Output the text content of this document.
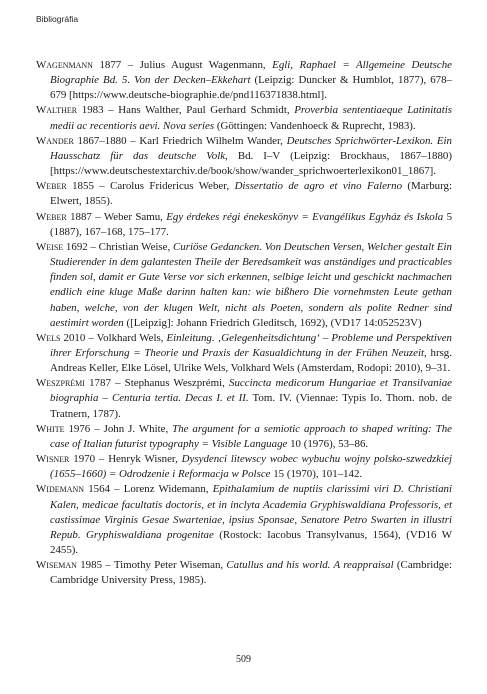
Bibliográfia

Wagenmann 1877 – Julius August Wagenmann, Egli, Raphael = Allgemeine Deutsche Biographie Bd. 5. Von der Decken–Ekkehart (Leipzig: Duncker & Humblot, 1877), 678–679 [https://www.deutsche-biographie.de/pnd116371838.html].

Walther 1983 – Hans Walther, Paul Gerhard Schmidt, Proverbia sententiaeque Latinitatis medii ac recentioris aevi. Nova series (Göttingen: Vandenhoeck & Ruprecht, 1983).

Wander 1867–1880 – Karl Friedrich Wilhelm Wander, Deutsches Sprichwörter-Lexikon. Ein Hausschatz für das deutsche Volk, Bd. I–V (Leipzig: Brockhaus, 1867–1880) [https://www.deutschestextarchiv.de/book/show/wander_sprichwoerterlexikon01_1867].

Weber 1855 – Carolus Fridericus Weber, Dissertatio de agro et vino Falerno (Marburg: Elwert, 1855).

Weber 1887 – Weber Samu, Egy érdekes régi énekeskönyv = Evangélikus Egyház és Iskola 5 (1887), 167–168, 175–177.

Weise 1692 – Christian Weise, Curiöse Gedancken. Von Deutschen Versen, Welcher gestalt Ein Studierender in dem galantesten Theile der Beredsamkeit was anständiges und practicables finden sol, damit er Gute Verse vor sich erkennen, selbige leicht und geschickt nachmachen endlich eine kluge Maße darinn halten kan: wie bißhero Die vornehmsten Leute gethan haben, welche, von der klugen Welt, nicht als Poeten, sondern als polite Redner sind aestimirt worden ([Leipzig]: Johann Friedrich Gleditsch, 1692), (VD17 14:052523V)

Wels 2010 – Volkhard Wels, Einleitung. ‚Gelegenheitsdichtung‘ – Probleme und Perspektiven ihrer Erforschung = Theorie und Praxis der Kasualdichtung in der Frühen Neuzeit, hrsg. Andreas Keller, Elke Lösel, Ulrike Wels, Volkhard Wels (Amsterdam, Rodopi: 2010), 9–31.

Weszprémi 1787 – Stephanus Weszprémi, Succincta medicorum Hungariae et Transilvaniae biographia – Centuria tertia. Decas I. et II. Tom. IV. (Viennae: Typis Io. Thom. nob. de Tratnern, 1787).

White 1976 – John J. White, The argument for a semiotic approach to shaped writing: The case of Italian futurist typography = Visible Language 10 (1976), 53–86.

Wisner 1970 – Henryk Wisner, Dysydenci litewscy wobec wybuchu wojny polsko-szwedzkiej (1655–1660) = Odrodzenie i Reformacja w Polsce 15 (1970), 101–142.

Widemann 1564 – Lorenz Widemann, Epithalamium de nuptiis clarissimi viri D. Christiani Kalen, medicae facultatis doctoris, et in inclyta Academia Gryphiswaldiana Professoris, et castissimae Virginis Gesae Swarteniae, ipsius Sponsae, Senatore Petro Swarten in illustri Repub. Gryphiswaldiana progenitae (Rostock: Iacobus Transylvanus, 1564), (VD16 W 2455).

Wiseman 1985 – Timothy Peter Wiseman, Catullus and his world. A reappraisal (Cambridge: Cambridge University Press, 1985).

509
